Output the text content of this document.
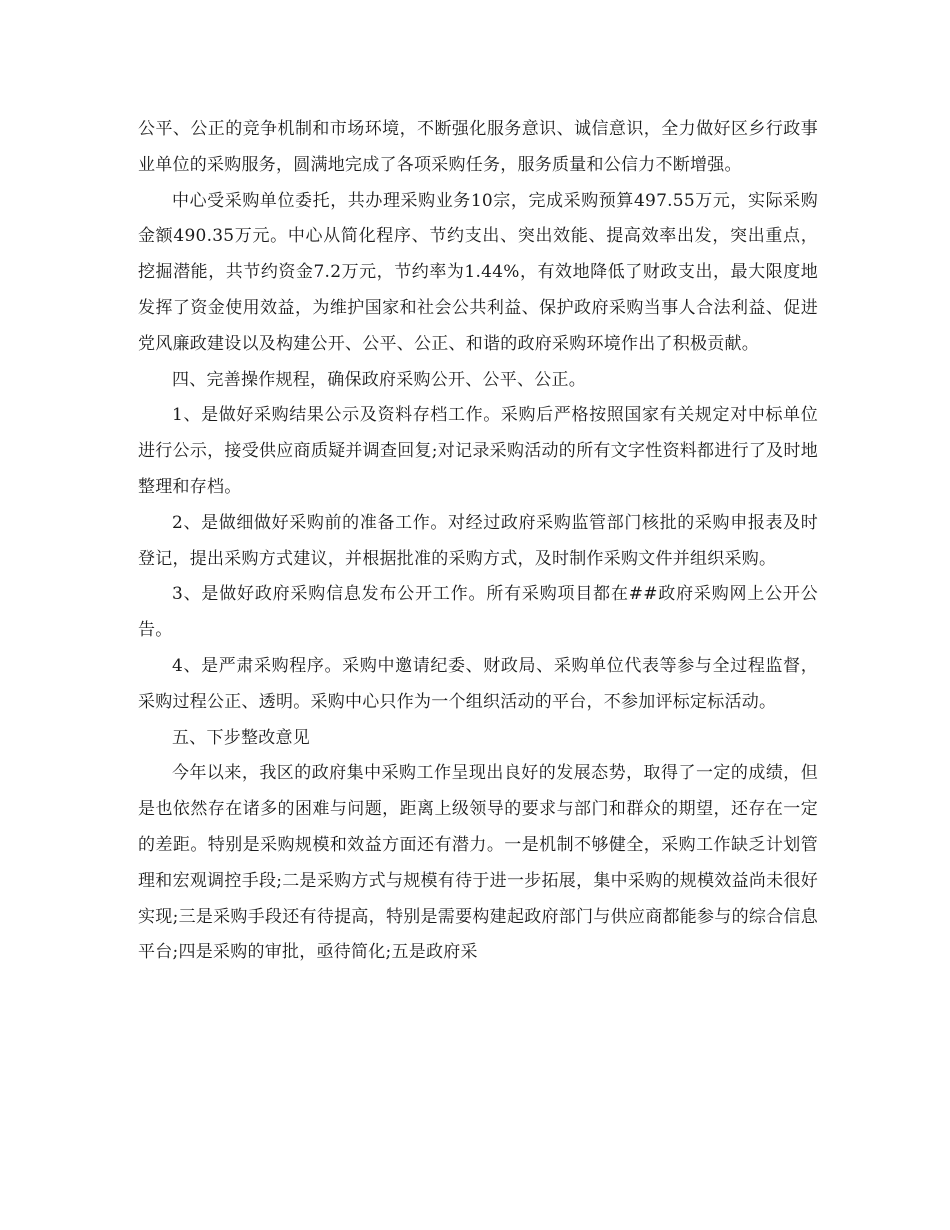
公平、公正的竞争机制和市场环境，不断强化服务意识、诚信意识，全力做好区乡行政事业单位的采购服务，圆满地完成了各项采购任务，服务质量和公信力不断增强。

中心受采购单位委托，共办理采购业务10宗，完成采购预算497.55万元，实际采购金额490.35万元。中心从简化程序、节约支出、突出效能、提高效率出发，突出重点，挖掘潜能，共节约资金7.2万元，节约率为1.44%，有效地降低了财政支出，最大限度地发挥了资金使用效益，为维护国家和社会公共利益、保护政府采购当事人合法利益、促进党风廉政建设以及构建公开、公平、公正、和谐的政府采购环境作出了积极贡献。

四、完善操作规程，确保政府采购公开、公平、公正。

1、是做好采购结果公示及资料存档工作。采购后严格按照国家有关规定对中标单位进行公示，接受供应商质疑并调查回复;对记录采购活动的所有文字性资料都进行了及时地整理和存档。

2、是做细做好采购前的准备工作。对经过政府采购监管部门核批的采购申报表及时登记，提出采购方式建议，并根据批准的采购方式，及时制作采购文件并组织采购。

3、是做好政府采购信息发布公开工作。所有采购项目都在##政府采购网上公开公告。

4、是严肃采购程序。采购中邀请纪委、财政局、采购单位代表等参与全过程监督，采购过程公正、透明。采购中心只作为一个组织活动的平台，不参加评标定标活动。

五、下步整改意见

今年以来，我区的政府集中采购工作呈现出良好的发展态势，取得了一定的成绩，但是也依然存在诸多的困难与问题，距离上级领导的要求与部门和群众的期望，还存在一定的差距。特别是采购规模和效益方面还有潜力。一是机制不够健全，采购工作缺乏计划管理和宏观调控手段;二是采购方式与规模有待于进一步拓展，集中采购的规模效益尚未很好实现;三是采购手段还有待提高，特别是需要构建起政府部门与供应商都能参与的综合信息平台;四是采购的审批，亟待简化;五是政府采
